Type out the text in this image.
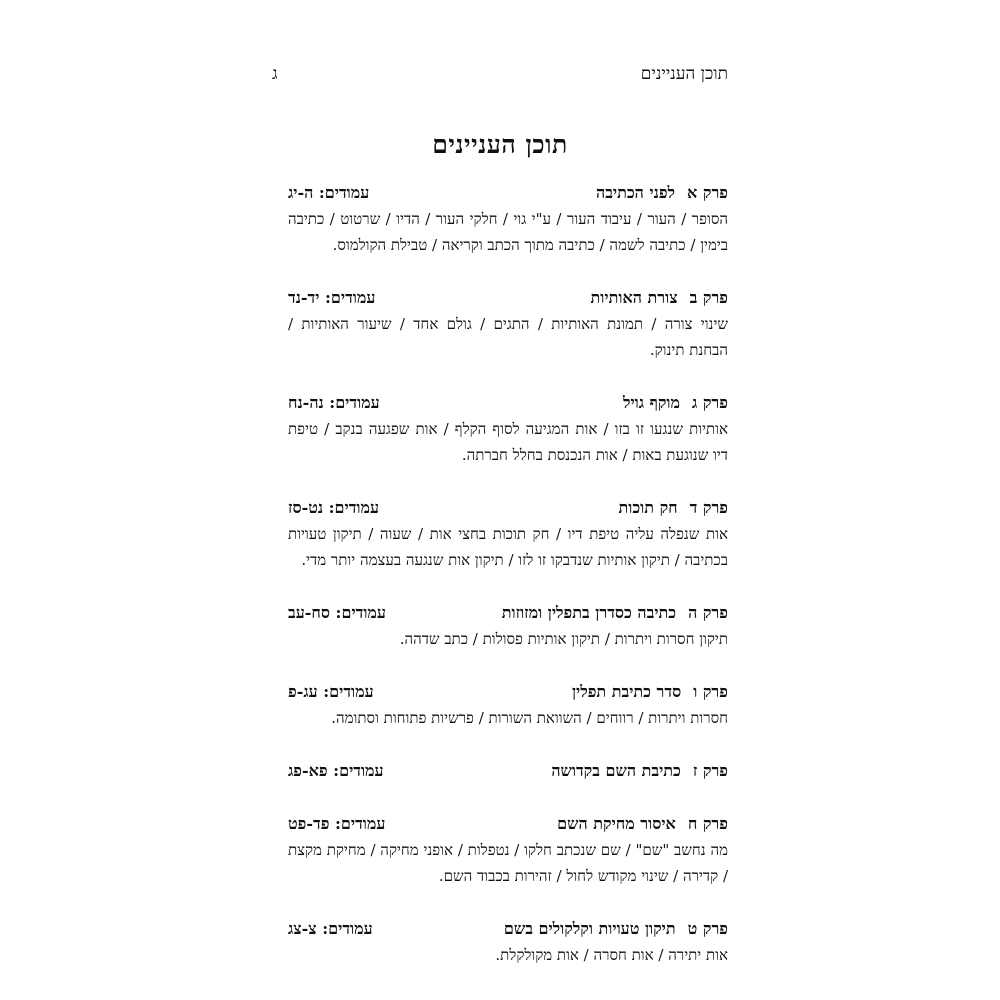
תוכן העניינים
ג
תוכן העניינים
פרק א
לפני הכתיבה
עמודים: ה-יג
הסופר / העור / עיבוד העור / ע"י גוי / חלקי העור / הדיו / שרטוט / כתיבה
בימין / כתיבה לשמה / כתיבה מתוך הכתב וקריאה / טבילת הקולמוס.
פרק ב
צורת האותיות
עמודים: יד-נד
שינוי צורה / תמונת האותיות / התגים / גולם אחד / שיעור האותיות /
הבחנת תינוק.
פרק ג
מוקף גויל
עמודים: נה-נח
אותיות שנגעו זו בזו / אות המגיעה לסוף הקלף / אות שפגעה בנקב / טיפת
דיו שנוגעת באות / אות הנכנסת בחלל חברתה.
פרק ד
חק תוכות
עמודים: נט-סז
אות שנפלה עליה טיפת דיו / חק תוכות בחצי אות / שעוה / תיקון טעויות
בכתיבה / תיקון אותיות שנדבקו זו לזו / תיקון אות שנגעה בעצמה יותר מדי.
פרק ה
כתיבה כסדרן בתפלין ומזוזות
עמודים: סח-עב
תיקון חסרות ויתרות / תיקון אותיות פסולות / כתב שדהה.
פרק ו
סדר כתיבת תפלין
עמודים: עג-פ
חסרות ויתרות / רווחים / השוואת השורות / פרשיות פתוחות וסתומה.
פרק ז
כתיבת השם בקדושה
עמודים: פא-פג
פרק ח
איסור מחיקת השם
עמודים: פד-פט
מה נחשב "שם" / שם שנכתב חלקו / נטפלות / אופני מחיקה / מחיקת מקצת
/ קדירה / שינוי מקודש לחול / זהירות בכבוד השם.
פרק ט
תיקון טעויות וקלקולים בשם
עמודים: צ-צג
אות יתירה / אות חסרה / אות מקולקלת.
